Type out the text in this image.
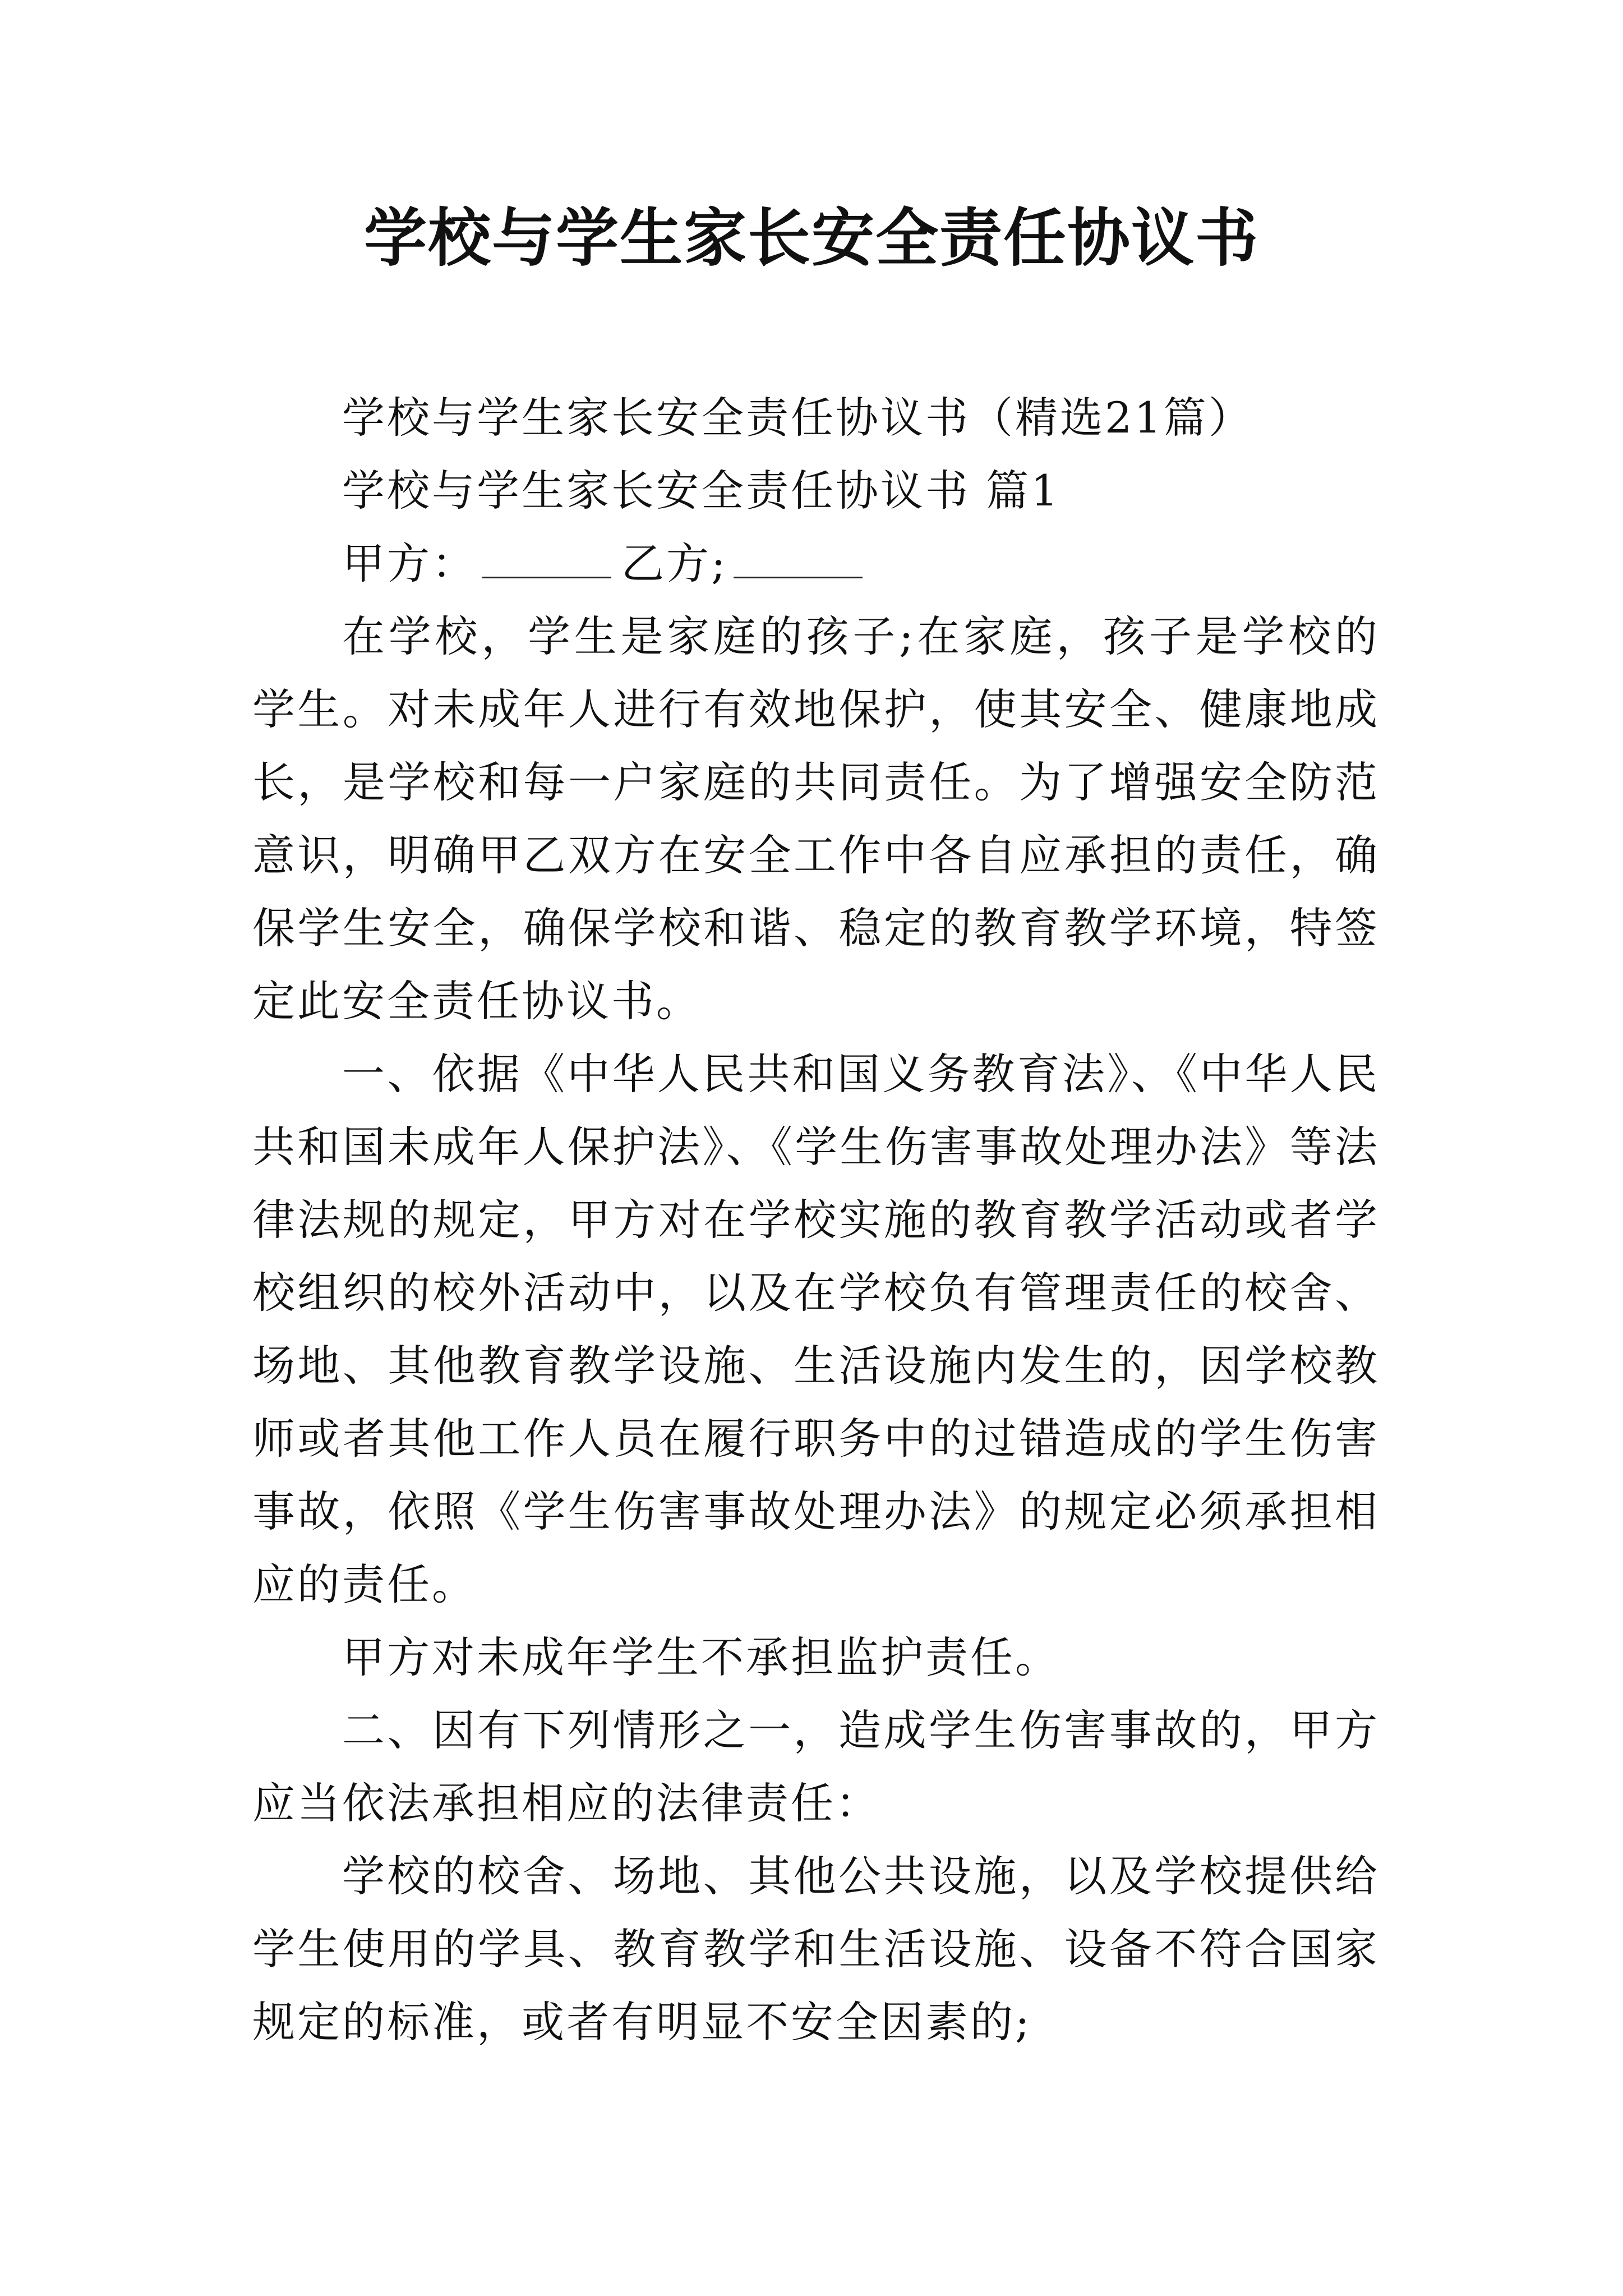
学校与学生家长安全责任协议书

学校与学生家长安全责任协议书（精选21篇）

学校与学生家长安全责任协议书 篇1

甲方：	乙方;

在学校，学生是家庭的孩子;在家庭，孩子是学校的学生。对未成年人进行有效地保护，使其安全、健康地成长，是学校和每一户家庭的共同责任。为了增强安全防范意识，明确甲乙双方在安全工作中各自应承担的责任，确保学生安全，确保学校和谐、稳定的教育教学环境，特签定此安全责任协议书。

一、依据《中华人民共和国义务教育法》、《中华人民共和国未成年人保护法》、《学生伤害事故处理办法》等法律法规的规定，甲方对在学校实施的教育教学活动或者学校组织的校外活动中，以及在学校负有管理责任的校舍、场地、其他教育教学设施、生活设施内发生的，因学校教师或者其他工作人员在履行职务中的过错造成的学生伤害事故，依照《学生伤害事故处理办法》的规定必须承担相应的责任。

甲方对未成年学生不承担监护责任。

二、因有下列情形之一，造成学生伤害事故的，甲方应当依法承担相应的法律责任：

学校的校舍、场地、其他公共设施，以及学校提供给学生使用的学具、教育教学和生活设施、设备不符合国家规定的标准，或者有明显不安全因素的;
